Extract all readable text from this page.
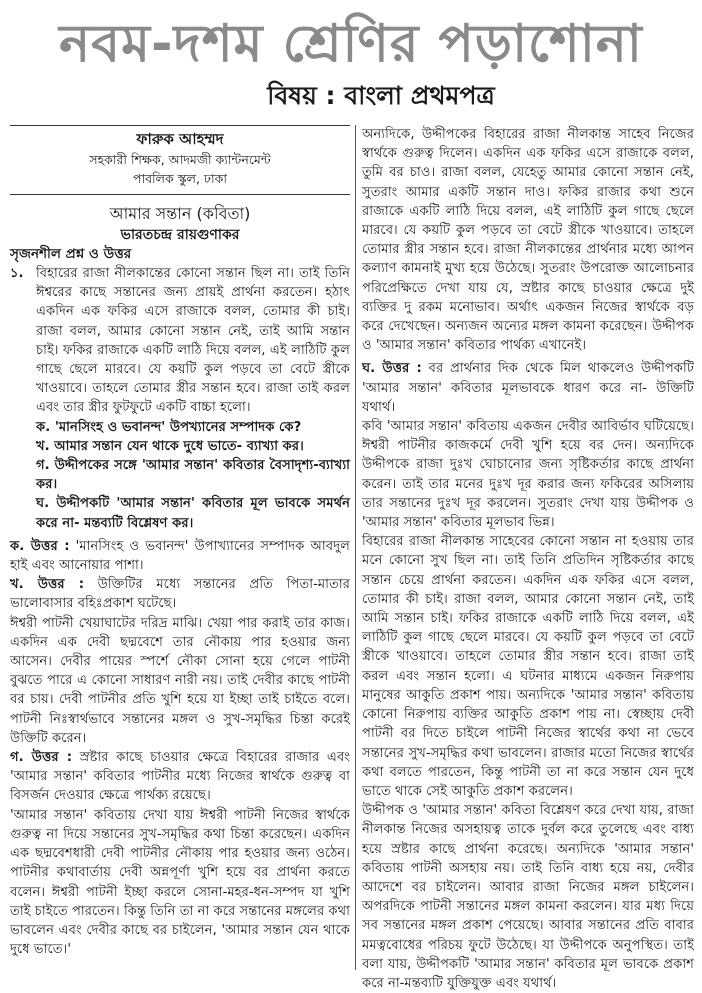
নবম-দশম শ্রেণির পড়াশোনা
বিষয় : বাংলা প্রথমপত্র
ফারুক আহম্মদ
সহকারী শিক্ষক, আদমজী ক্যান্টনমেন্ট
পাবলিক স্কুল, ঢাকা
আমার সন্তান (কবিতা)
ভারতচন্দ্র রায়গুণাকর
সৃজনশীল প্রশ্ন ও উত্তর
১. বিহারের রাজা নীলকান্তের কোনো সন্তান ছিল না। তাই তিনি ঈশ্বরের কাছে সন্তানের জন্য প্রায়ই প্রার্থনা করতেন। হঠাৎ একদিন এক ফকির এসে রাজাকে বলল, তোমার কী চাই। রাজা বলল, আমার কোনো সন্তান নেই, তাই আমি সন্তান চাই। ফকির রাজাকে একটি লাঠি দিয়ে বলল, এই লাঠিটি কুল গাছে ছেলে মারবে। যে কয়টি কুল পড়বে তা বেটে স্ত্রীকে খাওয়াবে। তাহলে তোমার স্ত্রীর সন্তান হবে। রাজা তাই করল এবং তার স্ত্রীর ফুটফুটে একটি বাচ্চা হলো।

ক. 'মানসিংহ ও ভবানন্দ' উপখ্যানের সম্পাদক কে?

খ. আমার সন্তান যেন থাকে দুধে ভাতে- ব্যাখ্যা কর।

গ. উদ্দীপকের সঙ্গে 'আমার সন্তান' কবিতার বৈসাদৃশ্য-ব্যাখ্যা কর।

ঘ. উদ্দীপকটি 'আমার সন্তান' কবিতার মূল ভাবকে সমর্থন করে না- মন্তব্যটি বিশ্লেষণ কর।

ক. উত্তর : 'মানসিংহ ও ভবানন্দ' উপাখ্যানের সম্পাদক আবদুল হাই এবং আনোয়ার পাশা।

খ. উত্তর : উক্তিটির মধ্যে সন্তানের প্রতি পিতা-মাতার ভালোবাসার বহিঃপ্রকাশ ঘটেছে।

ঈশ্বরী পাটনী খেয়াঘাটের দরিদ্র মাঝি। খেয়া পার করাই তার কাজ। একদিন এক দেবী ছদ্মবেশে তার নৌকায় পার হওয়ার জন্য আসেন। দেবীর পায়ের স্পর্শে নৌকা সোনা হয়ে গেলে পাটনী বুঝতে পারে এ কোনো সাধারণ নারী নয়। তাই দেবীর কাছে পাটনী বর চায়। দেবী পাটনীর প্রতি খুশি হয়ে যা ইচ্ছা তাই চাইতে বলে। পাটনী নিঃস্বার্থভাবে সন্তানের মঙ্গল ও সুখ-সমৃদ্ধির চিন্তা করেই উক্তিটি করেন।

গ. উত্তর : স্রষ্টার কাছে চাওয়ার ক্ষেত্রে বিহারের রাজার এবং 'আমার সন্তান' কবিতার পাটনীর মধ্যে নিজের স্বার্থকে গুরুত্ব বা বিসর্জন দেওয়ার ক্ষেত্রে পার্থক্য রয়েছে।

'আমার সন্তান' কবিতায় দেখা যায় ঈশ্বরী পাটনী নিজের স্বার্থকে গুরুত্ব না দিয়ে সন্তানের সুখ-সমৃদ্ধির কথা চিন্তা করেছেন। একদিন এক ছদ্মবেশধারী দেবী পাটনীর নৌকায় পার হওয়ার জন্য ওঠেন। পাটনীর কথাবার্তায় দেবী অন্নপূর্ণা খুশি হয়ে বর প্রার্থনা করতে বলেন। ঈশ্বরী পাটনী ইচ্ছা করলে সোনা-মহর-ধন-সম্পদ যা খুশি তাই চাইতে পারতেন। কিন্তু তিনি তা না করে সন্তানের মঙ্গলের কথা ভাবলেন এবং দেবীর কাছে বর চাইলেন, 'আমার সন্তান যেন থাকে দুধে ভাতে।'

অন্যদিকে, উদ্দীপকের বিহারের রাজা নীলকান্ত সাহেব নিজের স্বার্থকে গুরুত্ব দিলেন। একদিন এক ফকির এসে রাজাকে বলল, তুমি বর চাও। রাজা বলল, যেহেতু আমার কোনো সন্তান নেই, সুতরাং আমার একটি সন্তান দাও। ফকির রাজার কথা শুনে রাজাকে একটি লাঠি দিয়ে বলল, এই লাঠিটি কুল গাছে ছেলে মারবে। যে কয়টি কুল পড়বে তা বেটে স্ত্রীকে খাওয়াবে। তাহলে তোমার স্ত্রীর সন্তান হবে। রাজা নীলকান্তের প্রার্থনার মধ্যে আপন কল্যাণ কামনাই মুখ্য হয়ে উঠেছে। সুতরাং উপরোক্ত আলোচনার পরিপ্রেক্ষিতে দেখা যায় যে, স্রষ্টার কাছে চাওয়ার ক্ষেত্রে দুই ব্যক্তির দু রকম মনোভাব। অর্থাৎ একজন নিজের স্বার্থকে বড় করে দেখেছেন। অন্যজন অন্যের মঙ্গল কামনা করেছেন। উদ্দীপক ও 'আমার সন্তান' কবিতার পার্থক্য এখানেই।

ঘ. উত্তর : বর প্রার্থনার দিক থেকে মিল থাকলেও উদ্দীপকটি 'আমার সন্তান' কবিতার মূলভাবকে ধারণ করে না- উক্তিটি যথার্থ।

কবি 'আমার সন্তান' কবিতায় একজন দেবীর আবির্ভাব ঘটিয়েছে। ঈশ্বরী পাটনীর কাজকর্মে দেবী খুশি হয়ে বর দেন। অন্যদিকে উদ্দীপকে রাজা দুঃখ ঘোচানোর জন্য সৃষ্টিকর্তার কাছে প্রার্থনা করেন। তাই তার মনের দুঃখ দূর করার জন্য ফকিরের অসিলায় তার সন্তানের দুঃখ দূর করলেন। সুতরাং দেখা যায় উদ্দীপক ও 'আমার সন্তান' কবিতার মূলভাব ভিন্ন।

বিহারের রাজা নীলকান্ত সাহেবের কোনো সন্তান না হওয়ায় তার মনে কোনো সুখ ছিল না। তাই তিনি প্রতিদিন সৃষ্টিকর্তার কাছে সন্তান চেয়ে প্রার্থনা করতেন। একদিন এক ফকির এসে বলল, তোমার কী চাই। রাজা বলল, আমার কোনো সন্তান নেই, তাই আমি সন্তান চাই। ফকির রাজাকে একটি লাঠি দিয়ে বলল, এই লাঠিটি কুল গাছে ছেলে মারবে। যে কয়টি কুল পড়বে তা বেটে স্ত্রীকে খাওয়াবে। তাহলে তোমার স্ত্রীর সন্তান হবে। রাজা তাই করল এবং সন্তান হলো। এ ঘটনার মাধ্যমে একজন নিরুপায় মানুষের আকুতি প্রকাশ পায়। অন্যদিকে 'আমার সন্তান' কবিতায় কোনো নিরুপায় ব্যক্তির আকুতি প্রকাশ পায় না। স্বেচ্ছায় দেবী পাটনী বর দিতে চাইলে পাটনী নিজের স্বার্থের কথা না ভেবে সন্তানের সুখ-সমৃদ্ধির কথা ভাবলেন। রাজার মতো নিজের স্বার্থের কথা বলতে পারতেন, কিন্তু পাটনী তা না করে সন্তান যেন দুধে ভাতে থাকে সেই আকুতি প্রকাশ করলেন।

উদ্দীপক ও 'আমার সন্তান' কবিতা বিশ্লেষণ করে দেখা যায়, রাজা নীলকান্ত নিজের অসহায়ত্ব তাকে দুর্বল করে তুলেছে এবং বাধ্য হয়ে স্রষ্টার কাছে প্রার্থনা করেছে। অন্যদিকে 'আমার সন্তান' কবিতায় পাটনী অসহায় নয়। তাই তিনি বাধ্য হয়ে নয়, দেবীর আদেশে বর চাইলেন। আবার রাজা নিজের মঙ্গল চাইলেন। অপরদিকে পাটনী সন্তানের মঙ্গল কামনা করলেন। যার মধ্য দিয়ে সব সন্তানের মঙ্গল প্রকাশ পেয়েছে। আবার সন্তানের প্রতি বাবার মমত্ববোধের পরিচয় ফুটে উঠেছে। যা উদ্দীপকে অনুপস্থিত। তাই বলা যায়, উদ্দীপকটি 'আমার সন্তান' কবিতার মূল ভাবকে প্রকাশ করে না-মন্তব্যটি যুক্তিযুক্ত এবং যথার্থ।
